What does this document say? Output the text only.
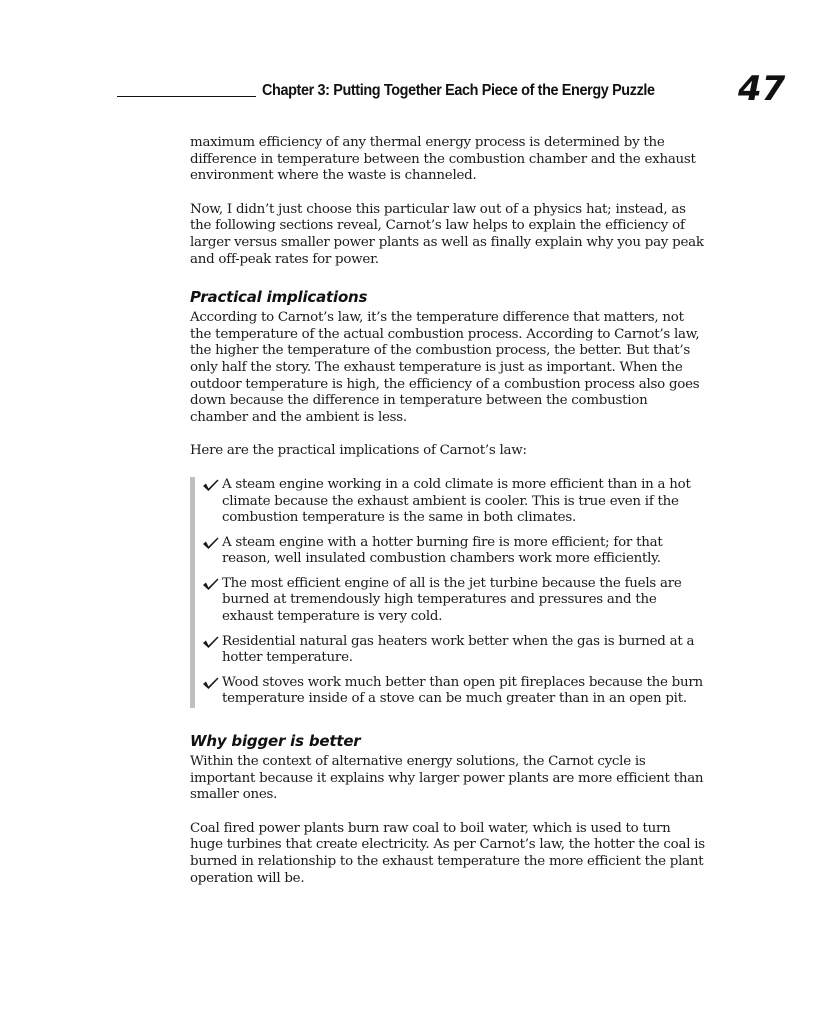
Chapter 3: Putting Together Each Piece of the Energy Puzzle 47

maximum efficiency of any thermal energy process is determined by the difference in temperature between the combustion chamber and the exhaust environment where the waste is channeled.

Now, I didn’t just choose this particular law out of a physics hat; instead, as the following sections reveal, Carnot’s law helps to explain the efficiency of larger versus smaller power plants as well as finally explain why you pay peak and off-peak rates for power.

Practical implications

According to Carnot’s law, it’s the temperature difference that matters, not the temperature of the actual combustion process. According to Carnot’s law, the higher the temperature of the combustion process, the better. But that’s only half the story. The exhaust temperature is just as important. When the outdoor temperature is high, the efficiency of a combustion process also goes down because the difference in temperature between the combustion chamber and the ambient is less.

Here are the practical implications of Carnot’s law:

A steam engine working in a cold climate is more efficient than in a hot climate because the exhaust ambient is cooler. This is true even if the combustion temperature is the same in both climates.
A steam engine with a hotter burning fire is more efficient; for that reason, well insulated combustion chambers work more efficiently.
The most efficient engine of all is the jet turbine because the fuels are burned at tremendously high temperatures and pressures and the exhaust temperature is very cold.
Residential natural gas heaters work better when the gas is burned at a hotter temperature.
Wood stoves work much better than open pit fireplaces because the burn temperature inside of a stove can be much greater than in an open pit.
Why bigger is better

Within the context of alternative energy solutions, the Carnot cycle is important because it explains why larger power plants are more efficient than smaller ones.

Coal fired power plants burn raw coal to boil water, which is used to turn huge turbines that create electricity. As per Carnot’s law, the hotter the coal is burned in relationship to the exhaust temperature the more efficient the plant operation will be.
